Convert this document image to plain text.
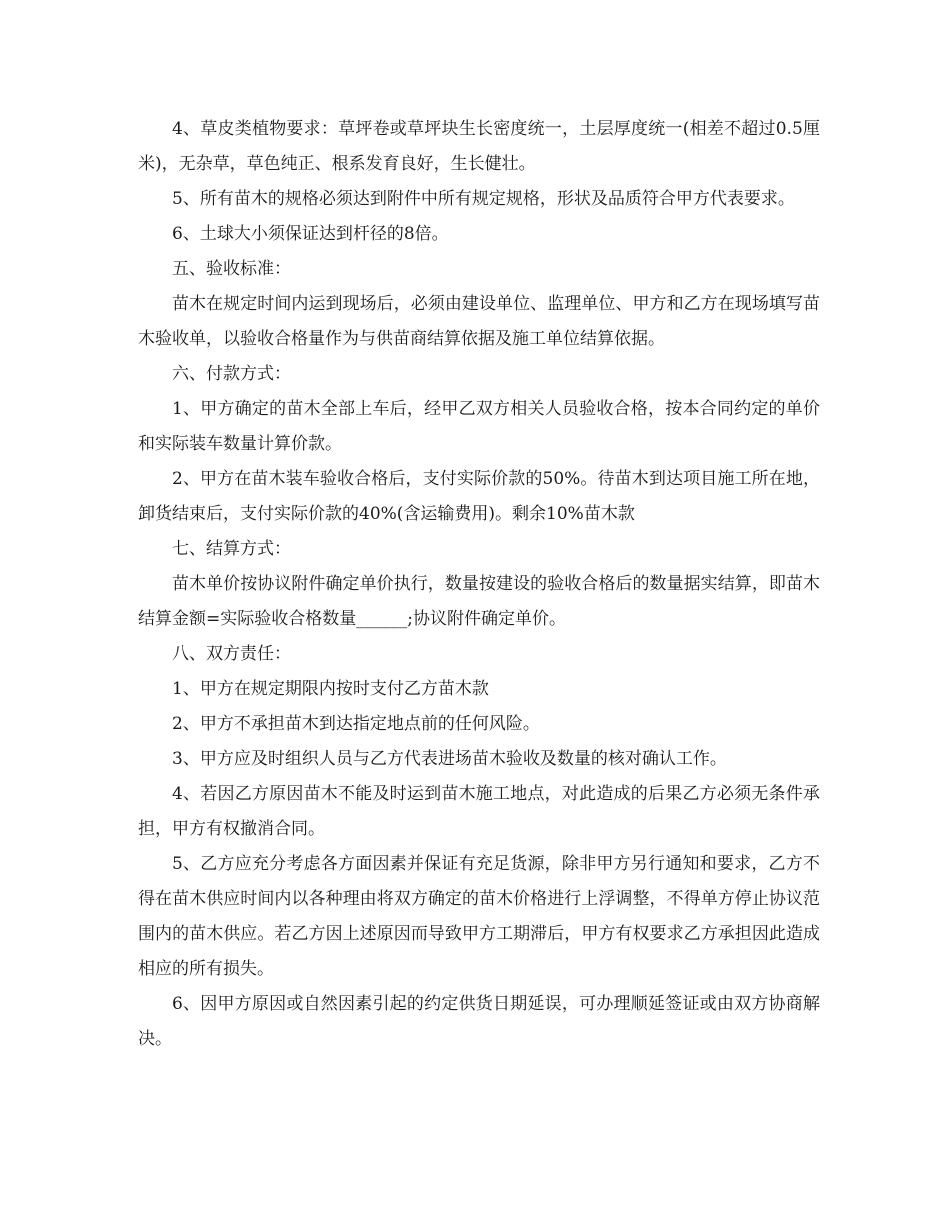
4、草皮类植物要求：草坪卷或草坪块生长密度统一，土层厚度统一(相差不超过0.5厘米)，无杂草，草色纯正、根系发育良好，生长健壮。

5、所有苗木的规格必须达到附件中所有规定规格，形状及品质符合甲方代表要求。

6、土球大小须保证达到杆径的8倍。

五、验收标准：

苗木在规定时间内运到现场后，必须由建设单位、监理单位、甲方和乙方在现场填写苗木验收单，以验收合格量作为与供苗商结算依据及施工单位结算依据。

六、付款方式：

1、甲方确定的苗木全部上车后，经甲乙双方相关人员验收合格，按本合同约定的单价和实际装车数量计算价款。

2、甲方在苗木装车验收合格后，支付实际价款的50%。待苗木到达项目施工所在地，卸货结束后，支付实际价款的40%(含运输费用)。剩余10%苗木款

七、结算方式：

苗木单价按协议附件确定单价执行，数量按建设的验收合格后的数量据实结算，即苗木结算金额=实际验收合格数量______;协议附件确定单价。

八、双方责任：

1、甲方在规定期限内按时支付乙方苗木款

2、甲方不承担苗木到达指定地点前的任何风险。

3、甲方应及时组织人员与乙方代表进场苗木验收及数量的核对确认工作。

4、若因乙方原因苗木不能及时运到苗木施工地点，对此造成的后果乙方必须无条件承担，甲方有权撤消合同。

5、乙方应充分考虑各方面因素并保证有充足货源，除非甲方另行通知和要求，乙方不得在苗木供应时间内以各种理由将双方确定的苗木价格进行上浮调整，不得单方停止协议范围内的苗木供应。若乙方因上述原因而导致甲方工期滞后，甲方有权要求乙方承担因此造成相应的所有损失。

6、因甲方原因或自然因素引起的约定供货日期延误，可办理顺延签证或由双方协商解决。
